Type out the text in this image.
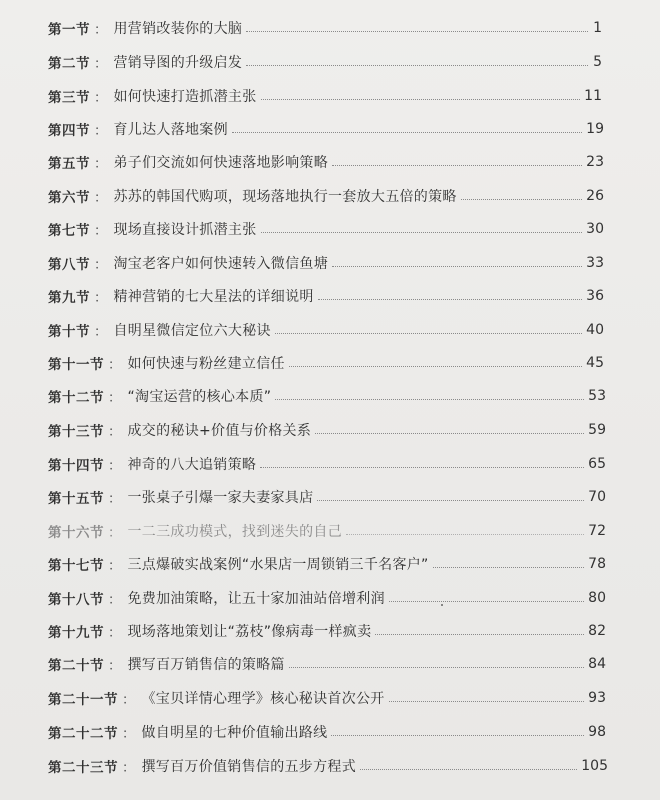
第一节 ： 用营销改装你的大脑	1
第二节 ： 营销导图的升级启发	5
第三节 ： 如何快速打造抓潜主张	11
第四节 ： 育儿达人落地案例	19
第五节 ： 弟子们交流如何快速落地影响策略	23
第六节 ： 苏苏的韩国代购项，现场落地执行一套放大五倍的策略	26
第七节 ： 现场直接设计抓潜主张	30
第八节 ： 淘宝老客户如何快速转入微信鱼塘	33
第九节 ： 精神营销的七大星法的详细说明	36
第十节 ： 自明星微信定位六大秘诀	40
第十一节 ： 如何快速与粉丝建立信任	45
第十二节 ： “淘宝运营的核心本质”	53
第十三节 ： 成交的秘诀+价值与价格关系	59
第十四节 ： 神奇的八大追销策略	65
第十五节 ： 一张桌子引爆一家夫妻家具店	70
第十六节 ： 一二三成功模式，找到迷失的自己	72
第十七节 ： 三点爆破实战案例“水果店一周锁销三千名客户”	78
第十八节 ： 免费加油策略，让五十家加油站倍增利润	80
第十九节 ： 现场落地策划让“荔枝”像病毒一样疯卖	82
第二十节 ： 撰写百万销售信的策略篇	84
第二十一节 ： 《宝贝详情心理学》核心秘诀首次公开	93
第二十二节 ： 做自明星的七种价值输出路线	98
第二十三节 ： 撰写百万价值销售信的五步方程式	105
